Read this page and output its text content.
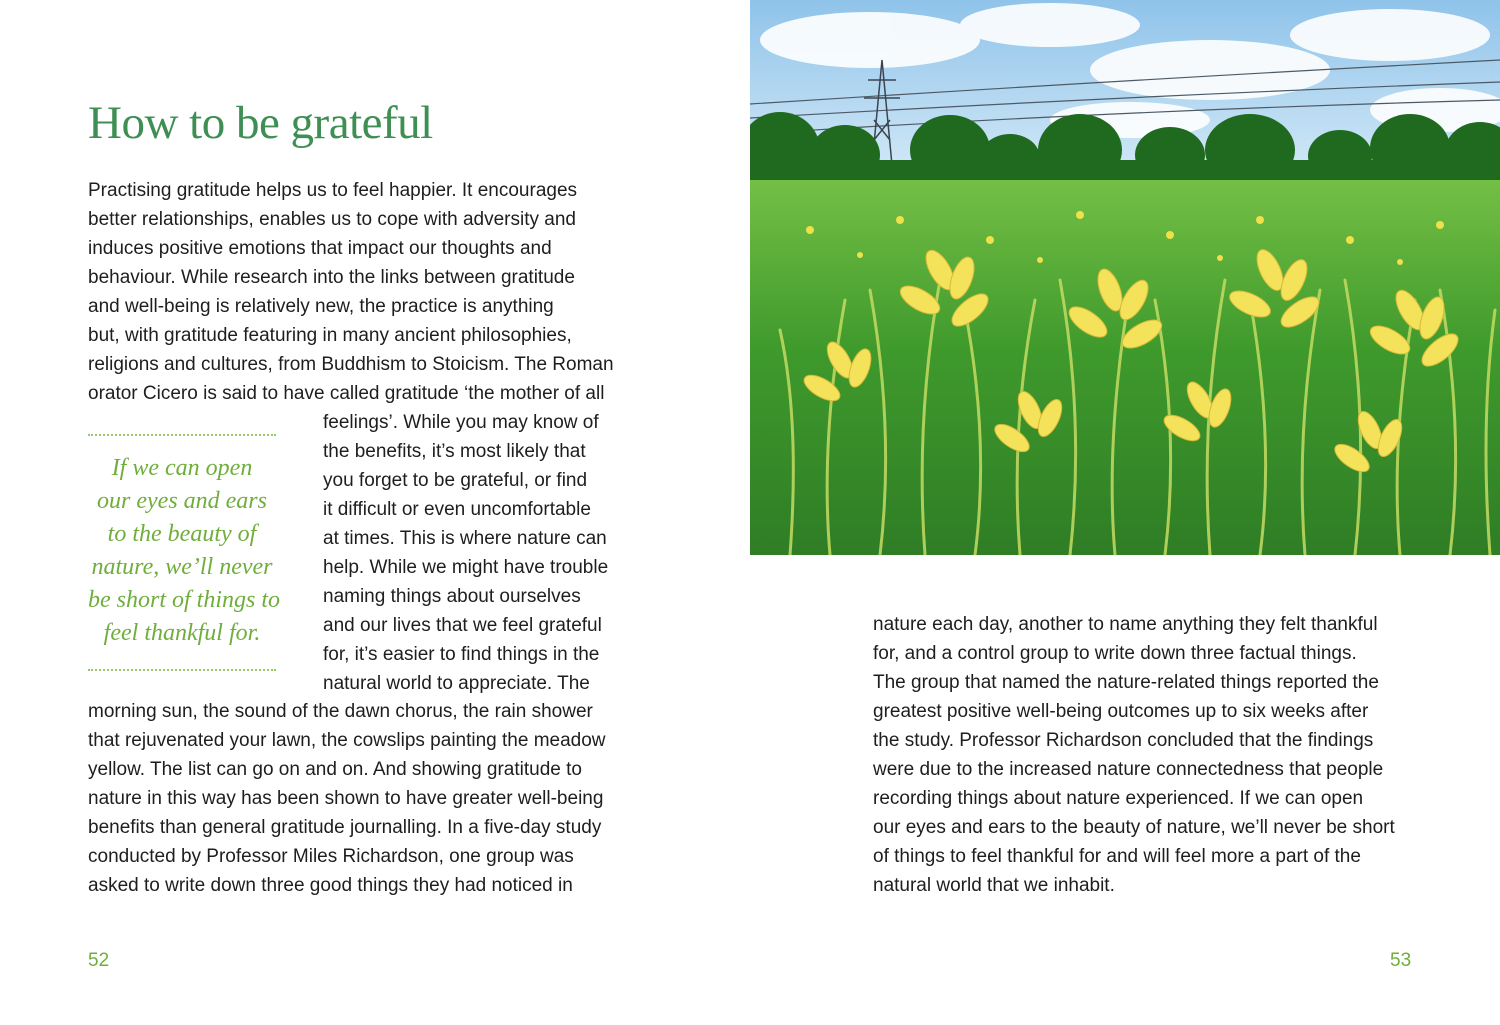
How to be grateful

Practising gratitude helps us to feel happier. It encourages
better relationships, enables us to cope with adversity and
induces positive emotions that impact our thoughts and
behaviour. While research into the links between gratitude
and well-being is relatively new, the practice is anything
but, with gratitude featuring in many ancient philosophies,
religions and cultures, from Buddhism to Stoicism. The Roman
orator Cicero is said to have called gratitude ‘the mother of all

If we can open
our eyes and ears
to the beauty of
nature, we’ll never
be short of things to
feel thankful for.

feelings’. While you may know of
the benefits, it’s most likely that
you forget to be grateful, or find
it difficult or even uncomfortable
at times. This is where nature can
help. While we might have trouble
naming things about ourselves
and our lives that we feel grateful
for, it’s easier to find things in the
natural world to appreciate. The

morning sun, the sound of the dawn chorus, the rain shower
that rejuvenated your lawn, the cowslips painting the meadow
yellow. The list can go on and on. And showing gratitude to
nature in this way has been shown to have greater well-being
benefits than general gratitude journalling. In a five-day study
conducted by Professor Miles Richardson, one group was
asked to write down three good things they had noticed in

52

nature each day, another to name anything they felt thankful
for, and a control group to write down three factual things.
The group that named the nature-related things reported the
greatest positive well-being outcomes up to six weeks after
the study. Professor Richardson concluded that the findings
were due to the increased nature connectedness that people
recording things about nature experienced. If we can open
our eyes and ears to the beauty of nature, we’ll never be short
of things to feel thankful for and will feel more a part of the
natural world that we inhabit.

53
